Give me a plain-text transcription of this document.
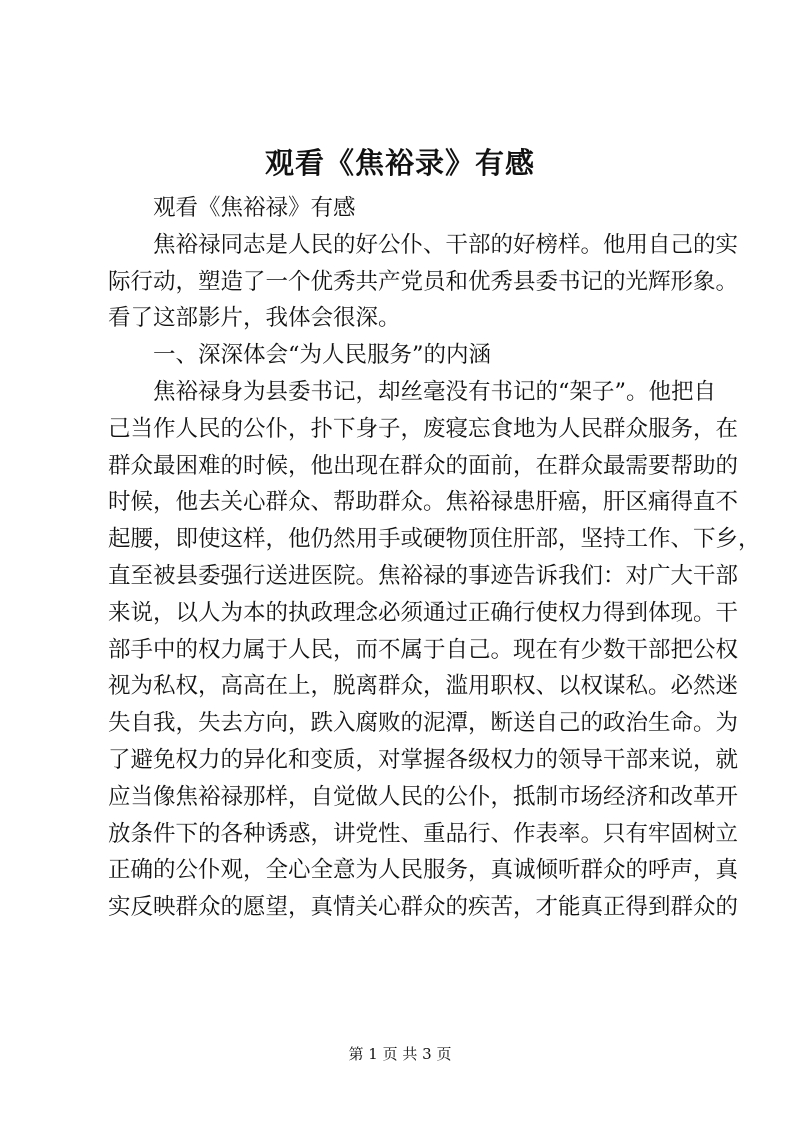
观看《焦裕录》有感
观看《焦裕禄》有感
焦裕禄同志是人民的好公仆、干部的好榜样。他用自己的实
际行动，塑造了一个优秀共产党员和优秀县委书记的光辉形象。
看了这部影片，我体会很深。
一、深深体会“为人民服务”的内涵
焦裕禄身为县委书记，却丝毫没有书记的“架子”。他把自
己当作人民的公仆，扑下身子，废寝忘食地为人民群众服务，在
群众最困难的时候，他出现在群众的面前，在群众最需要帮助的
时候，他去关心群众、帮助群众。焦裕禄患肝癌，肝区痛得直不
起腰，即使这样，他仍然用手或硬物顶住肝部，坚持工作、下乡，
直至被县委强行送进医院。焦裕禄的事迹告诉我们：对广大干部
来说，以人为本的执政理念必须通过正确行使权力得到体现。干
部手中的权力属于人民，而不属于自己。现在有少数干部把公权
视为私权，高高在上，脱离群众，滥用职权、以权谋私。必然迷
失自我，失去方向，跌入腐败的泥潭，断送自己的政治生命。为
了避免权力的异化和变质，对掌握各级权力的领导干部来说，就
应当像焦裕禄那样，自觉做人民的公仆，抵制市场经济和改革开
放条件下的各种诱惑，讲党性、重品行、作表率。只有牢固树立
正确的公仆观，全心全意为人民服务，真诚倾听群众的呼声，真
实反映群众的愿望，真情关心群众的疾苦，才能真正得到群众的
第 1 页 共 3 页
